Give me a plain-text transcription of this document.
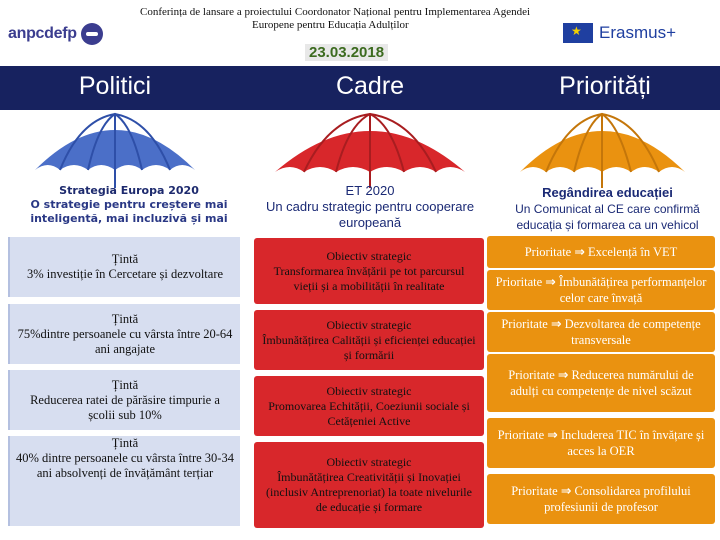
anpcdefp
Conferința de lansare a proiectului Coordonator Național pentru Implementarea Agendei
Europene pentru Educația Adulților
23.03.2018
★
Erasmus+
Politici	Cadre	Priorități
Strategia Europa 2020
O strategie pentru creștere mai inteligentă, mai incluzivă și mai
ET 2020
Un cadru strategic pentru cooperare europeană
Regândirea educației
Un Comunicat al CE care confirmă educația și formarea ca un vehicol
Țintă
3% investiție în Cercetare și dezvoltare
Țintă
75%dintre persoanele cu vârsta între 20-64 ani angajate
Țintă
Reducerea ratei de părăsire timpurie a școlii sub 10%
Țintă
40% dintre persoanele cu vârsta între 30-34 ani absolvenți de învățământ terțiar
Obiectiv strategic
Transformarea învățării pe tot parcursul vieții și a mobilității în realitate
Obiectiv strategic
Îmbunătățirea Calității și eficienței educației și formării
Obiectiv strategic
Promovarea Echității, Coeziunii sociale și Cetățeniei Active
Obiectiv strategic
Îmbunătățirea Creativității și Inovației (inclusiv Antreprenoriat) la toate nivelurile de educație și formare
Prioritate ⇒ Excelență în VET
Prioritate ⇒ Îmbunătățirea performanțelor celor care învață
Prioritate ⇒ Dezvoltarea de competențe transversale
Prioritate ⇒ Reducerea numărului de adulți cu competențe de nivel scăzut
Prioritate ⇒ Includerea TIC în învățare și acces la OER
Prioritate ⇒ Consolidarea profilului profesiunii de profesor
